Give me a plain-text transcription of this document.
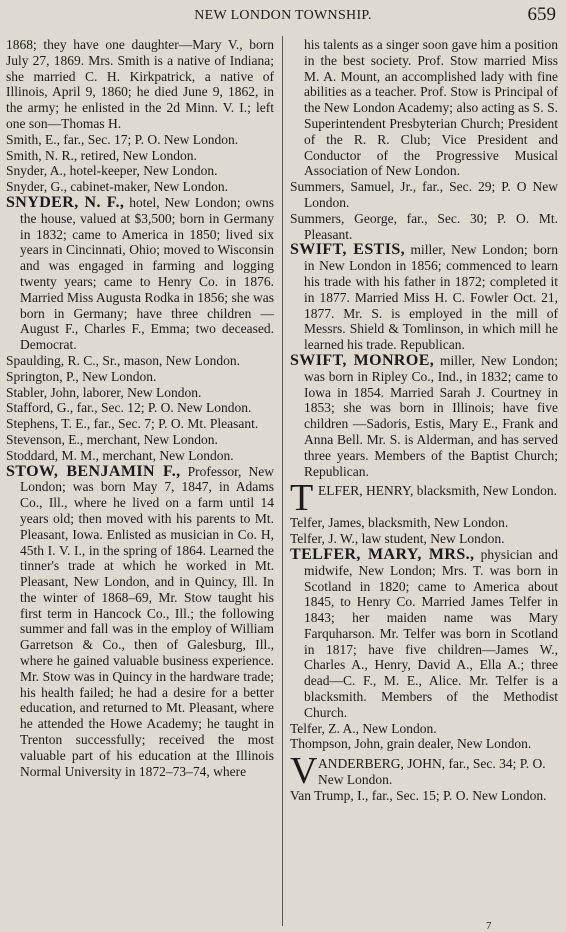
NEW LONDON TOWNSHIP.	659

1868; they have one daughter—Mary V., born July 27, 1869. Mrs. Smith is a native of Indiana; she married C. H. Kirkpatrick, a native of Illinois, April 9, 1860; he died June 9, 1862, in the army; he enlisted in the 2d Minn. V. I.; left one son—Thomas H.

Smith, E., far., Sec. 17; P. O. New London.

Smith, N. R., retired, New London.

Snyder, A., hotel-keeper, New London.

Snyder, G., cabinet-maker, New London.

SNYDER, N. F., hotel, New London; owns the house, valued at $3,500; born in Germany in 1832; came to America in 1850; lived six years in Cincinnati, Ohio; moved to Wisconsin and was engaged in farming and logging twenty years; came to Henry Co. in 1876. Married Miss Augusta Rodka in 1856; she was born in Germany; have three children — August F., Charles F., Emma; two deceased. Democrat.

Spaulding, R. C., Sr., mason, New London.

Springton, P., New London.

Stabler, John, laborer, New London.

Stafford, G., far., Sec. 12; P. O. New London.

Stephens, T. E., far., Sec. 7; P. O. Mt. Pleasant.

Stevenson, E., merchant, New London.

Stoddard, M. M., merchant, New London.

STOW, BENJAMIN F., Professor, New London; was born May 7, 1847, in Adams Co., Ill., where he lived on a farm until 14 years old; then moved with his parents to Mt. Pleasant, Iowa. Enlisted as musician in Co. H, 45th I. V. I., in the spring of 1864. Learned the tinner's trade at which he worked in Mt. Pleasant, New London, and in Quincy, Ill. In the winter of 1868–69, Mr. Stow taught his first term in Hancock Co., Ill.; the following summer and fall was in the employ of William Garretson & Co., then of Galesburg, Ill., where he gained valuable business experience. Mr. Stow was in Quincy in the hardware trade; his health failed; he had a desire for a better education, and returned to Mt. Pleasant, where he attended the Howe Academy; he taught in Trenton successfully; received the most valuable part of his education at the Illinois Normal University in 1872–73–74, where

his talents as a singer soon gave him a position in the best society. Prof. Stow married Miss M. A. Mount, an accomplished lady with fine abilities as a teacher. Prof. Stow is Principal of the New London Academy; also acting as S. S. Superintendent Presbyterian Church; President of the R. R. Club; Vice President and Conductor of the Progressive Musical Association of New London.

Summers, Samuel, Jr., far., Sec. 29; P. O New London.

Summers, George, far., Sec. 30; P. O. Mt. Pleasant.

SWIFT, ESTIS, miller, New London; born in New London in 1856; commenced to learn his trade with his father in 1872; completed it in 1877. Married Miss H. C. Fowler Oct. 21, 1877. Mr. S. is employed in the mill of Messrs. Shield & Tomlinson, in which mill he learned his trade. Republican.

SWIFT, MONROE, miller, New London; was born in Ripley Co., Ind., in 1832; came to Iowa in 1854. Married Sarah J. Courtney in 1853; she was born in Illinois; have five children —Sadoris, Estis, Mary E., Frank and Anna Bell. Mr. S. is Alderman, and has served three years. Members of the Baptist Church; Republican.

T ELFER, HENRY, blacksmith, New London.

Telfer, James, blacksmith, New London.

Telfer, J. W., law student, New London.

TELFER, MARY, MRS., physician and midwife, New London; Mrs. T. was born in Scotland in 1820; came to America about 1845, to Henry Co. Married James Telfer in 1843; her maiden name was Mary Farquharson. Mr. Telfer was born in Scotland in 1817; have five children—James W., Charles A., Henry, David A., Ella A.; three dead—C. F., M. E., Alice. Mr. Telfer is a blacksmith. Members of the Methodist Church.

Telfer, Z. A., New London.

Thompson, John, grain dealer, New London.

V ANDERBERG, JOHN, far., Sec. 34; P. O. New London.

Van Trump, I., far., Sec. 15; P. O. New London.

7
